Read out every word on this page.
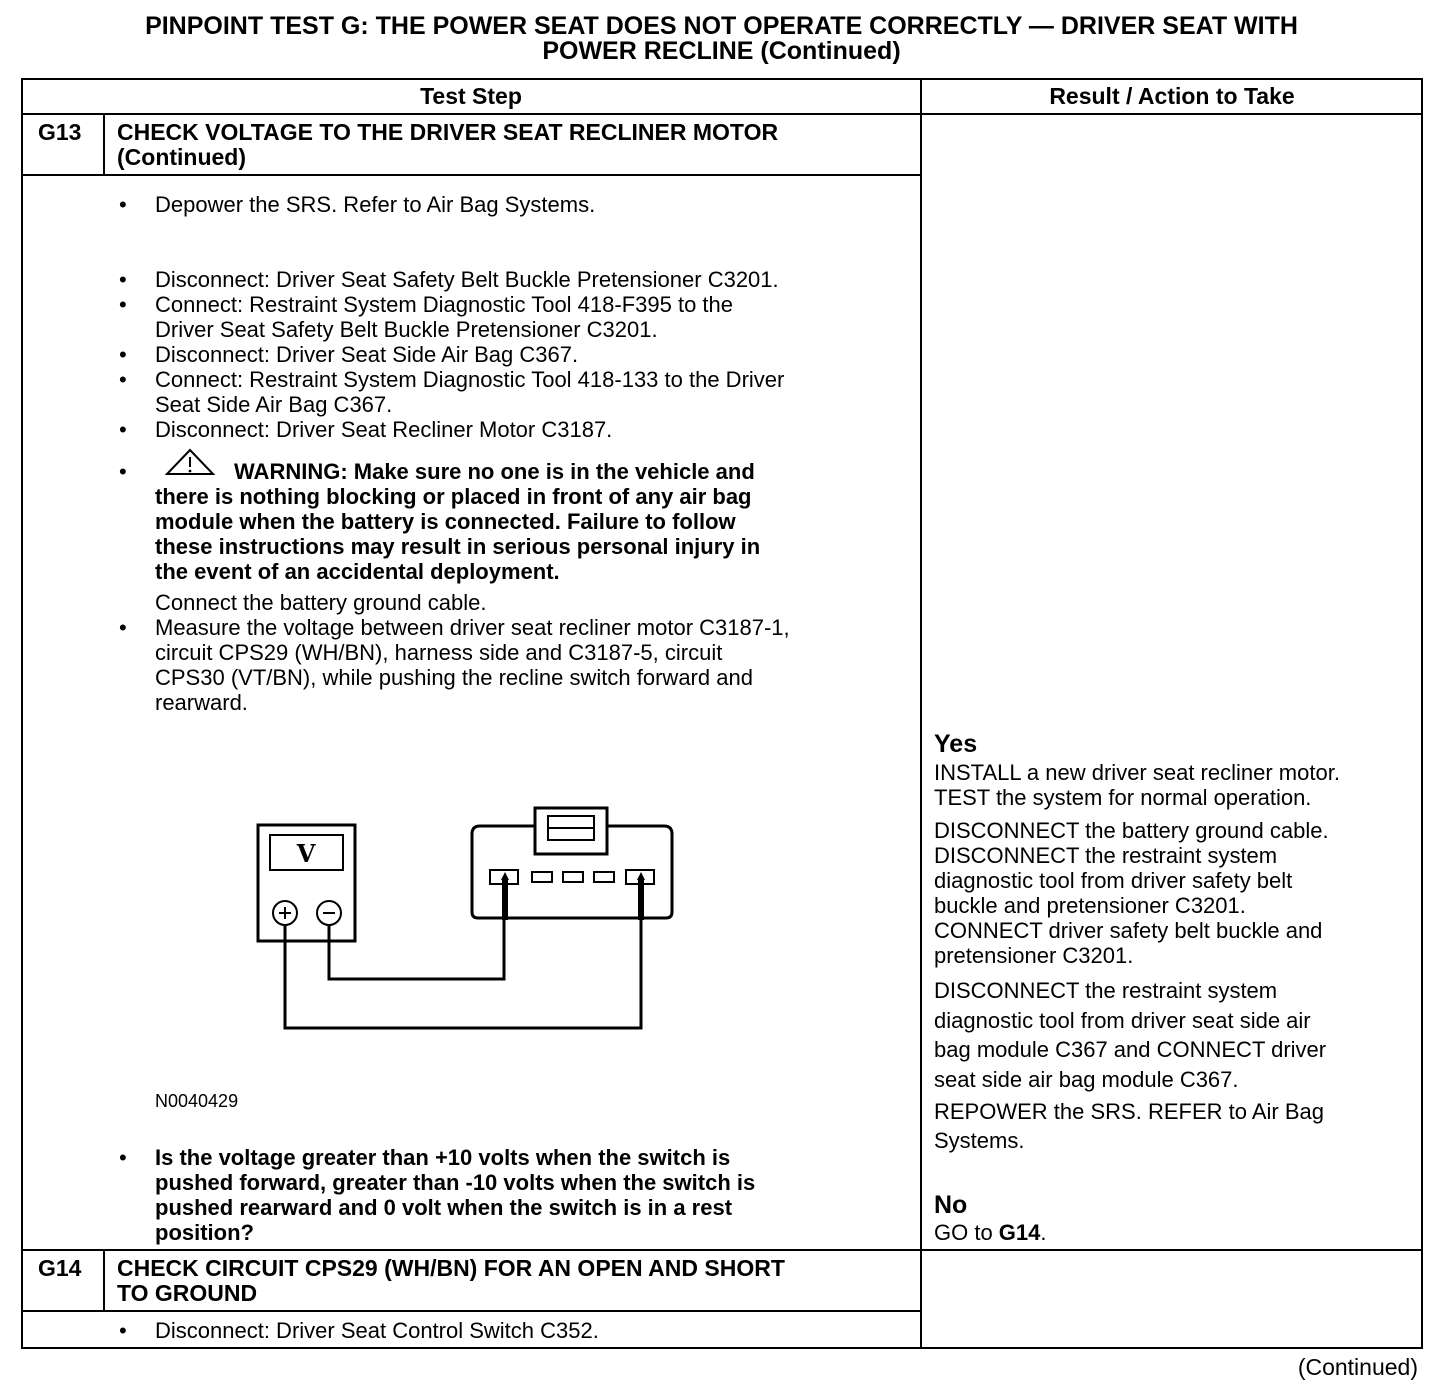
PINPOINT TEST G: THE POWER SEAT DOES NOT OPERATE CORRECTLY — DRIVER SEAT WITH
POWER RECLINE (Continued)
Test Step	Result / Action to Take
G13 CHECK VOLTAGE TO THE DRIVER SEAT RECLINER MOTOR
(Continued)
• Depower the SRS. Refer to Air Bag Systems.
• Disconnect: Driver Seat Safety Belt Buckle Pretensioner C3201.
• Connect: Restraint System Diagnostic Tool 418-F395 to the
Driver Seat Safety Belt Buckle Pretensioner C3201.
• Disconnect: Driver Seat Side Air Bag C367.
• Connect: Restraint System Diagnostic Tool 418-133 to the Driver
Seat Side Air Bag C367.
• Disconnect: Driver Seat Recliner Motor C3187.
•	WARNING: Make sure no one is in the vehicle and
there is nothing blocking or placed in front of any air bag
module when the battery is connected. Failure to follow
these instructions may result in serious personal injury in
the event of an accidental deployment.
Connect the battery ground cable.
• Measure the voltage between driver seat recliner motor C3187-1,
circuit CPS29 (WH/BN), harness side and C3187-5, circuit
CPS30 (VT/BN), while pushing the recline switch forward and
rearward.
V
N0040429
• Is the voltage greater than +10 volts when the switch is
pushed forward, greater than -10 volts when the switch is
pushed rearward and 0 volt when the switch is in a rest
position?
Yes
INSTALL a new driver seat recliner motor.
TEST the system for normal operation.
DISCONNECT the battery ground cable.
DISCONNECT the restraint system
diagnostic tool from driver safety belt
buckle and pretensioner C3201.
CONNECT driver safety belt buckle and
pretensioner C3201.
DISCONNECT the restraint system
diagnostic tool from driver seat side air
bag module C367 and CONNECT driver
seat side air bag module C367.
REPOWER the SRS. REFER to Air Bag
Systems.
No
GO to G14.
G14 CHECK CIRCUIT CPS29 (WH/BN) FOR AN OPEN AND SHORT
TO GROUND
• Disconnect: Driver Seat Control Switch C352.
(Continued)
